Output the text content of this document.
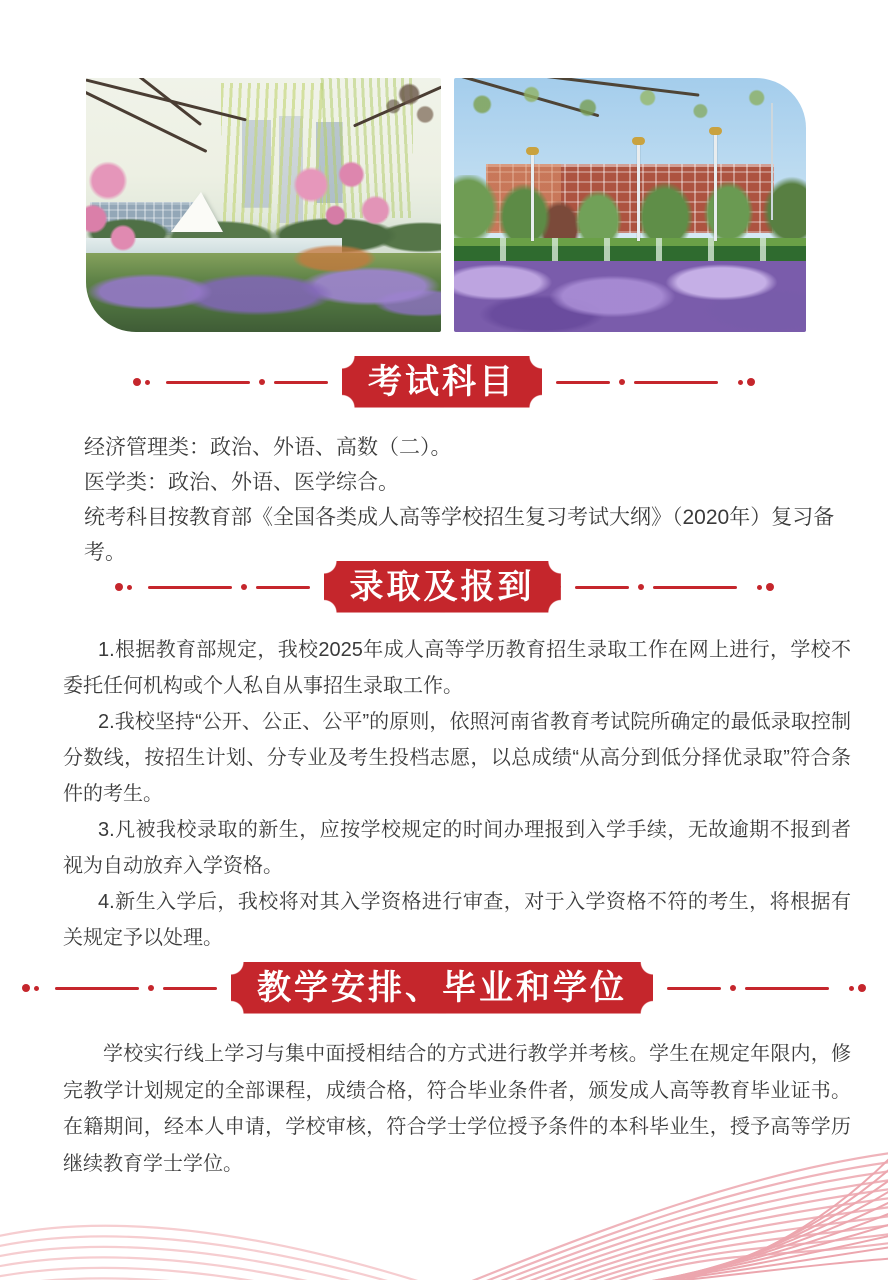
考试科目

经济管理类：政治、外语、高数（二）。

医学类：政治、外语、医学综合。

统考科目按教育部《全国各类成人高等学校招生复习考试大纲》（2020年）复习备考。

录取及报到

1.根据教育部规定，我校2025年成人高等学历教育招生录取工作在网上进行，学校不委托任何机构或个人私自从事招生录取工作。

2.我校坚持“公开、公正、公平”的原则，依照河南省教育考试院所确定的最低录取控制分数线，按招生计划、分专业及考生投档志愿，以总成绩“从高分到低分择优录取”符合条件的考生。

3.凡被我校录取的新生，应按学校规定的时间办理报到入学手续，无故逾期不报到者视为自动放弃入学资格。

4.新生入学后，我校将对其入学资格进行审查，对于入学资格不符的考生，将根据有关规定予以处理。

教学安排、毕业和学位

学校实行线上学习与集中面授相结合的方式进行教学并考核。学生在规定年限内，修完教学计划规定的全部课程，成绩合格，符合毕业条件者，颁发成人高等教育毕业证书。在籍期间，经本人申请，学校审核，符合学士学位授予条件的本科毕业生，授予高等学历继续教育学士学位。
